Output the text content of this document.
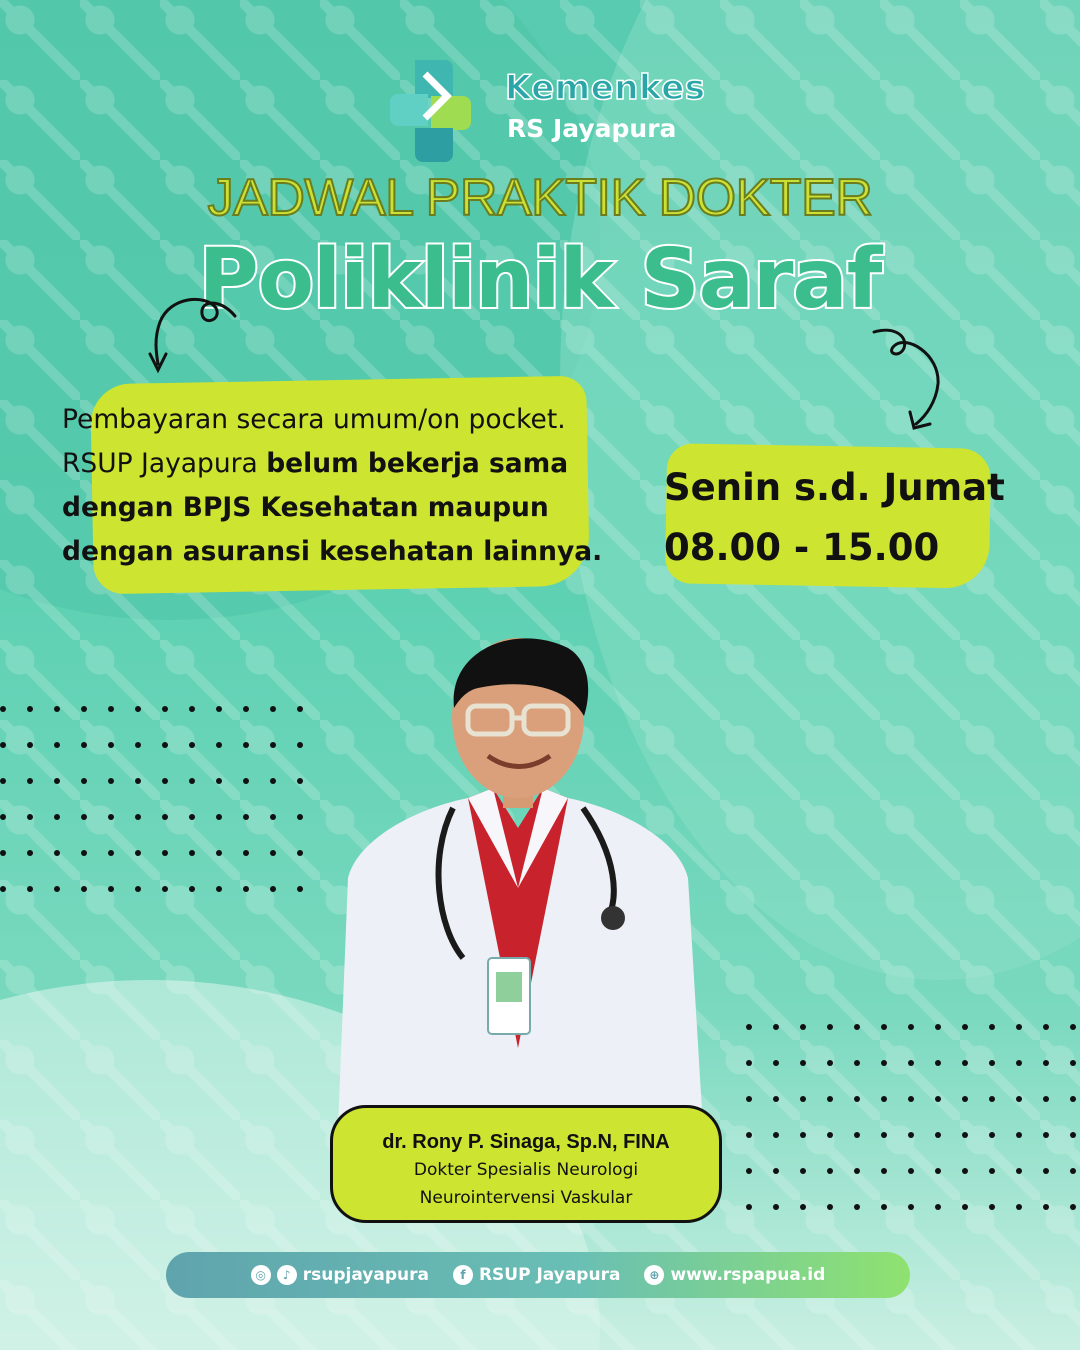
Kemenkes
RS Jayapura
JADWAL PRAKTIK DOKTER
Poliklinik Saraf
Pembayaran secara umum/on pocket.
RSUP Jayapura belum bekerja sama
dengan BPJS Kesehatan maupun
dengan asuransi kesehatan lainnya.
Senin s.d. Jumat
08.00 - 15.00
dr. Rony P. Sinaga, Sp.N, FINA
Dokter Spesialis Neurologi
Neurointervensi Vaskular
◎	♪ rsupjayapura	f RSUP Jayapura	⊕ www.rspapua.id
